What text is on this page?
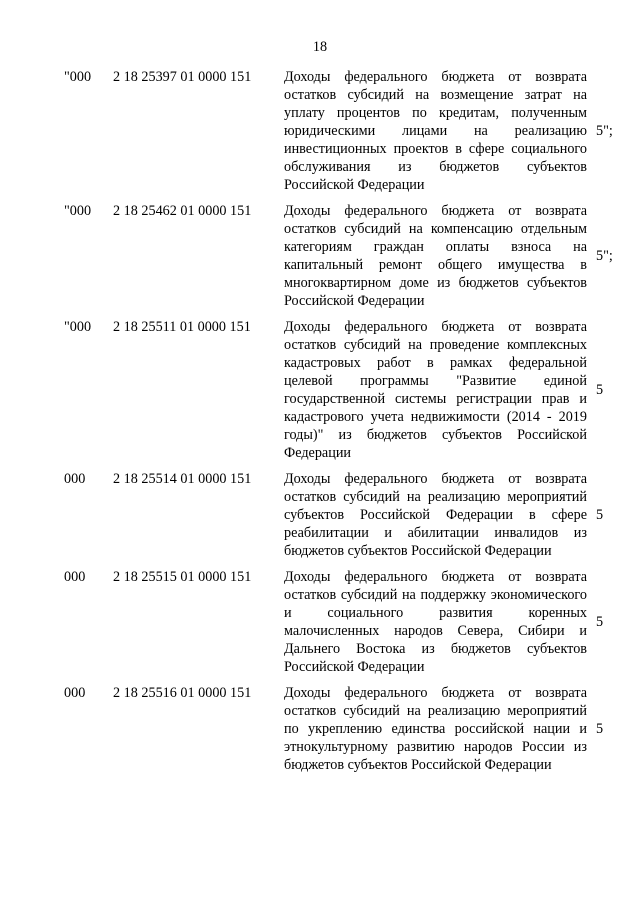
18
"000 2 18 25397 01 0000 151 Доходы федерального бюджета от возврата остатков субсидий на возмещение затрат на уплату процентов по кредитам, полученным юридическими лицами на реализацию инвестиционных проектов в сфере социального обслуживания из бюджетов субъектов Российской Федерации
5";
"000 2 18 25462 01 0000 151 Доходы федерального бюджета от возврата остатков субсидий на компенсацию отдельным категориям граждан оплаты взноса на капитальный ремонт общего имущества в многоквартирном доме из бюджетов субъектов Российской Федерации
5";
"000 2 18 25511 01 0000 151 Доходы федерального бюджета от возврата остатков субсидий на проведение комплексных кадастровых работ в рамках федеральной целевой программы "Развитие единой государственной системы регистрации прав и кадастрового учета недвижимости (2014 - 2019 годы)" из бюджетов субъектов Российской Федерации
5
000 2 18 25514 01 0000 151 Доходы федерального бюджета от возврата остатков субсидий на реализацию мероприятий субъектов Российской Федерации в сфере реабилитации и абилитации инвалидов из бюджетов субъектов Российской Федерации
5
000 2 18 25515 01 0000 151 Доходы федерального бюджета от возврата остатков субсидий на поддержку экономического и социального развития коренных малочисленных народов Севера, Сибири и Дальнего Востока из бюджетов субъектов Российской Федерации
5
000 2 18 25516 01 0000 151 Доходы федерального бюджета от возврата остатков субсидий на реализацию мероприятий по укреплению единства российской нации и этнокультурному развитию народов России из бюджетов субъектов Российской Федерации
5
